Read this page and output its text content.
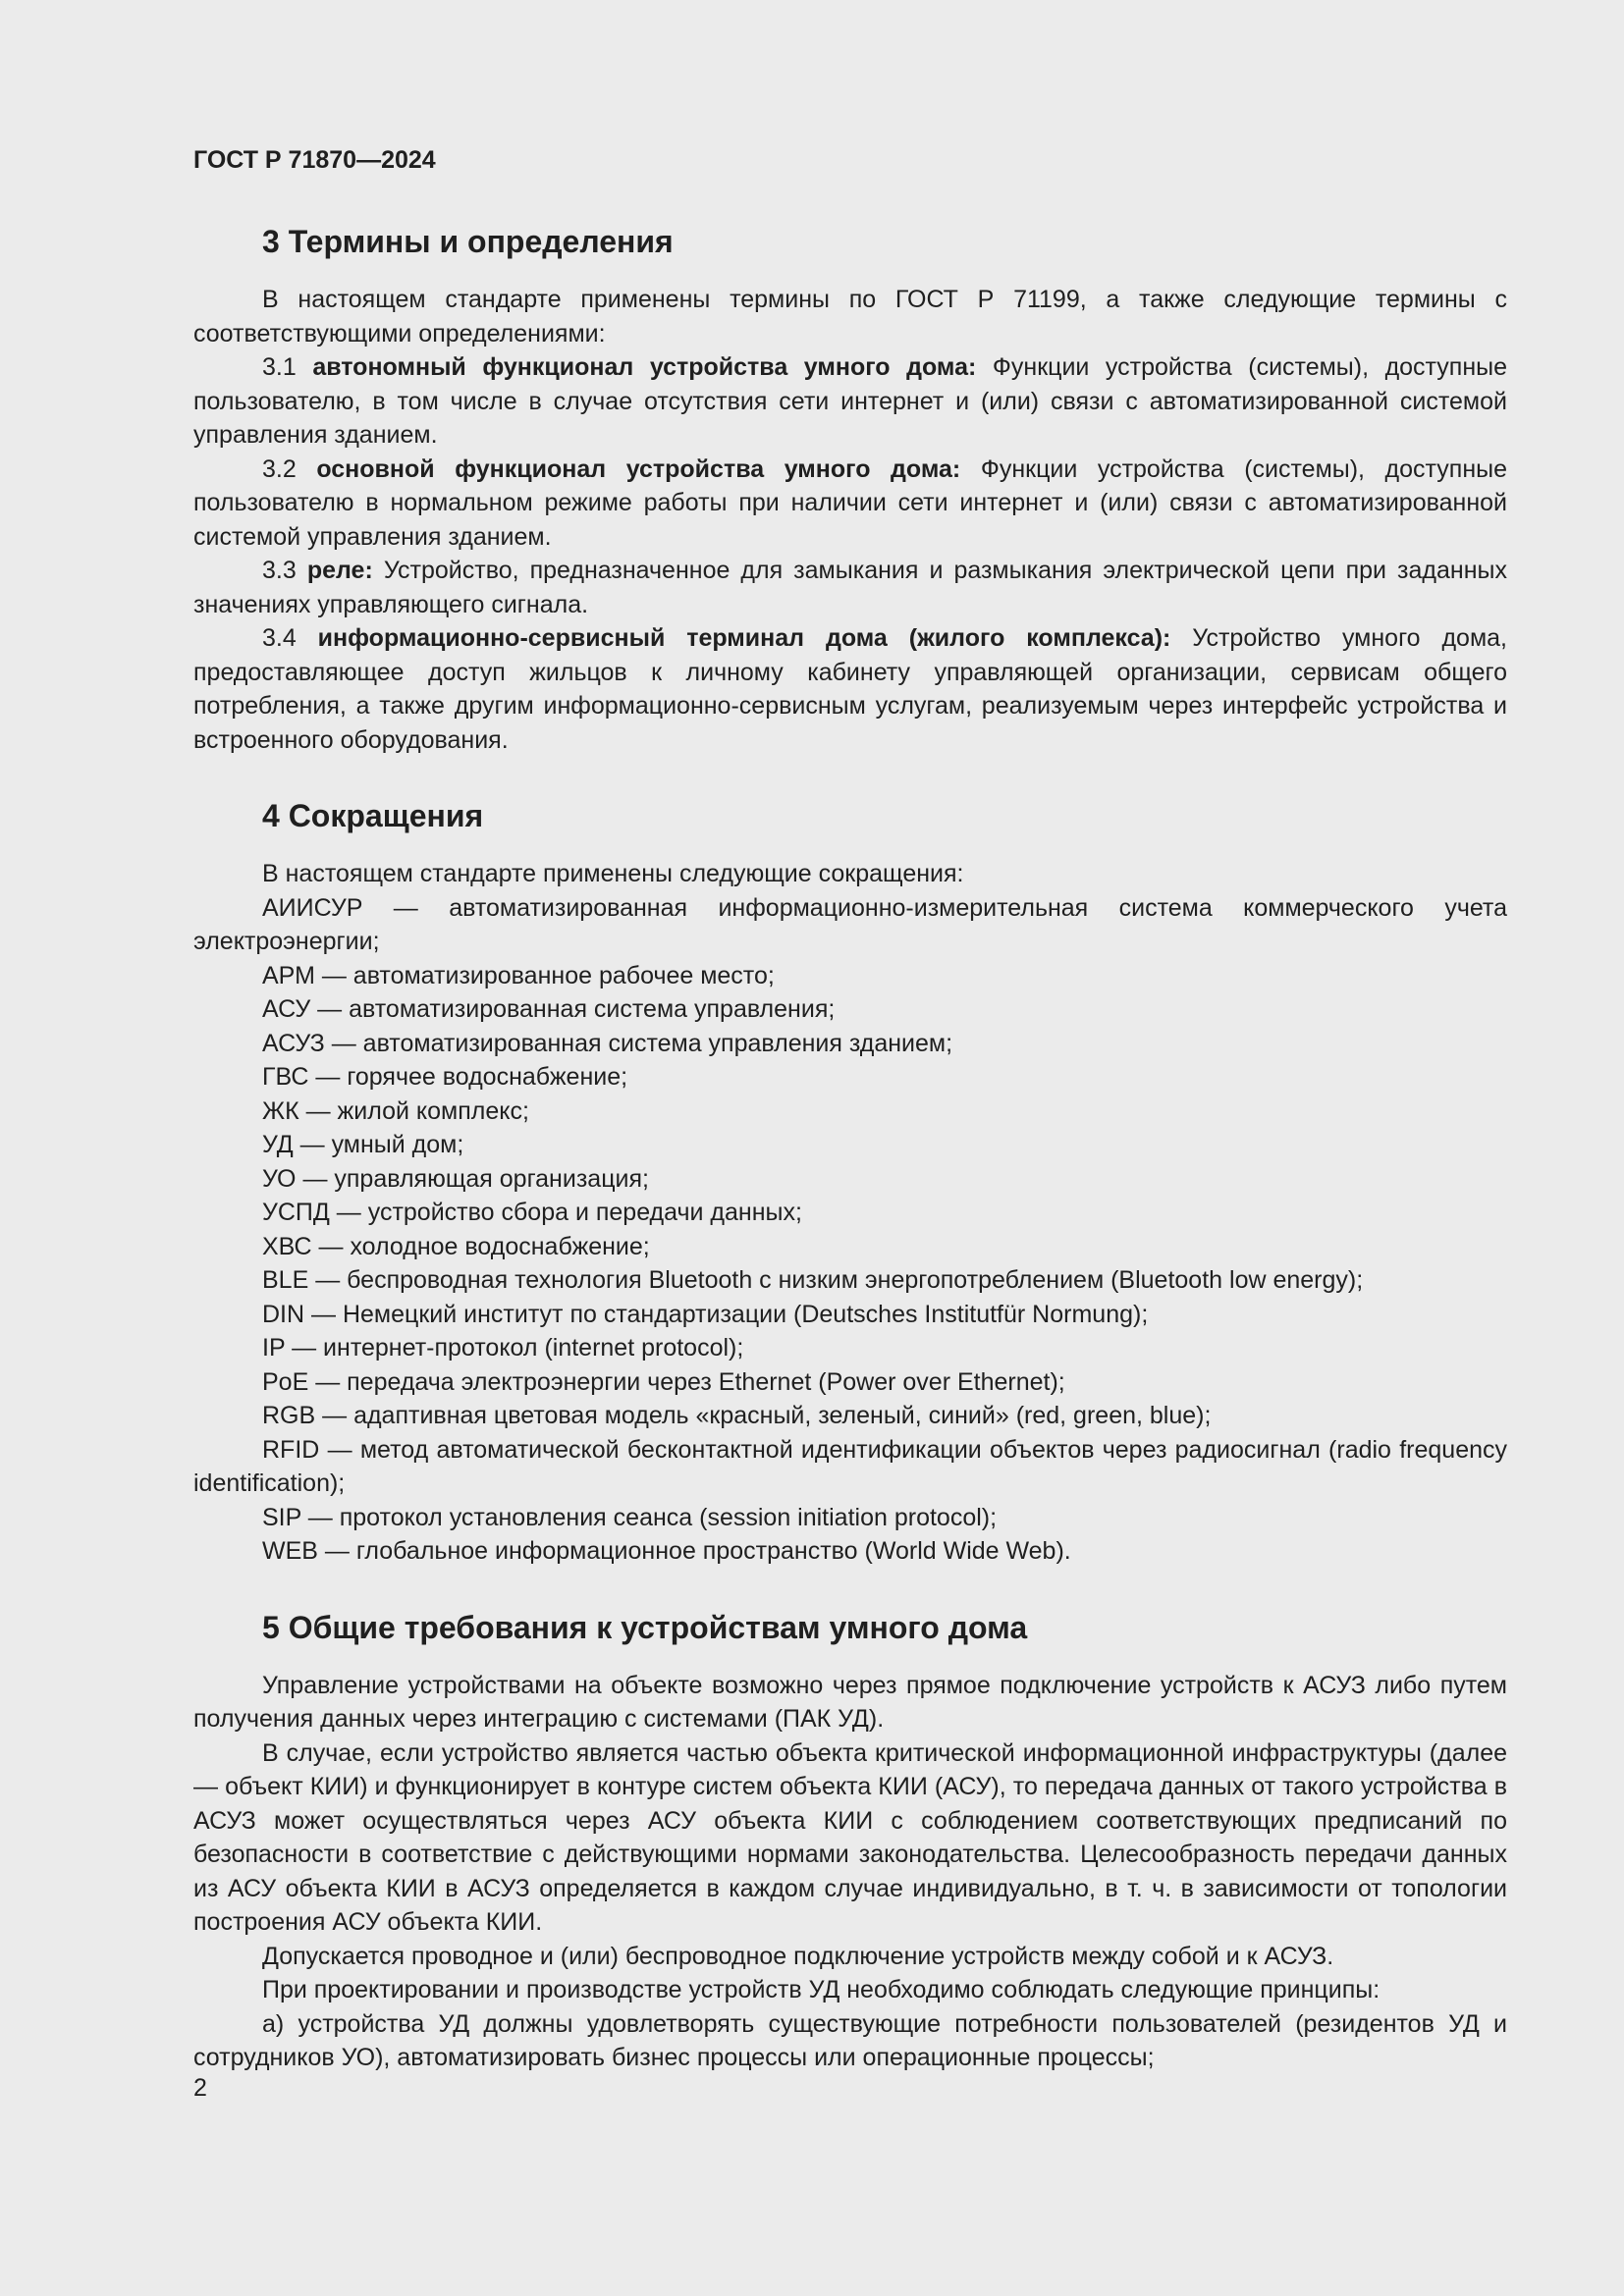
ГОСТ Р 71870—2024
3 Термины и определения

В настоящем стандарте применены термины по ГОСТ Р 71199, а также следующие термины с соответствующими определениями:

3.1 автономный функционал устройства умного дома: Функции устройства (системы), доступные пользователю, в том числе в случае отсутствия сети интернет и (или) связи с автоматизированной системой управления зданием.

3.2 основной функционал устройства умного дома: Функции устройства (системы), доступные пользователю в нормальном режиме работы при наличии сети интернет и (или) связи с автоматизированной системой управления зданием.

3.3 реле: Устройство, предназначенное для замыкания и размыкания электрической цепи при заданных значениях управляющего сигнала.

3.4 информационно-сервисный терминал дома (жилого комплекса): Устройство умного дома, предоставляющее доступ жильцов к личному кабинету управляющей организации, сервисам общего потребления, а также другим информационно-сервисным услугам, реализуемым через интерфейс устройства и встроенного оборудования.

4 Сокращения

В настоящем стандарте применены следующие сокращения:

АИИСУР — автоматизированная информационно-измерительная система коммерческого учета электроэнергии;

АРМ — автоматизированное рабочее место;

АСУ — автоматизированная система управления;

АСУЗ — автоматизированная система управления зданием;

ГВС — горячее водоснабжение;

ЖК — жилой комплекс;

УД — умный дом;

УО — управляющая организация;

УСПД — устройство сбора и передачи данных;

ХВС — холодное водоснабжение;

BLE — беспроводная технология Bluetooth с низким энергопотреблением (Bluetooth low energy);

DIN — Немецкий институт по стандартизации (Deutsches Institutfür Normung);

IP — интернет-протокол (internet protocol);

PoE — передача электроэнергии через Ethernet (Power over Ethernet);

RGB — адаптивная цветовая модель «красный, зеленый, синий» (red, green, blue);

RFID — метод автоматической бесконтактной идентификации объектов через радиосигнал (radio frequency identification);

SIP — протокол установления сеанса (session initiation protocol);

WEB — глобальное информационное пространство (World Wide Web).

5 Общие требования к устройствам умного дома

Управление устройствами на объекте возможно через прямое подключение устройств к АСУЗ либо путем получения данных через интеграцию с системами (ПАК УД).

В случае, если устройство является частью объекта критической информационной инфраструктуры (далее — объект КИИ) и функционирует в контуре систем объекта КИИ (АСУ), то передача данных от такого устройства в АСУЗ может осуществляться через АСУ объекта КИИ с соблюдением соответствующих предписаний по безопасности в соответствие с действующими нормами законодательства. Целесообразность передачи данных из АСУ объекта КИИ в АСУЗ определяется в каждом случае индивидуально, в т. ч. в зависимости от топологии построения АСУ объекта КИИ.

Допускается проводное и (или) беспроводное подключение устройств между собой и к АСУЗ.

При проектировании и производстве устройств УД необходимо соблюдать следующие принципы:

а) устройства УД должны удовлетворять существующие потребности пользователей (резидентов УД и сотрудников УО), автоматизировать бизнес процессы или операционные процессы;

2
